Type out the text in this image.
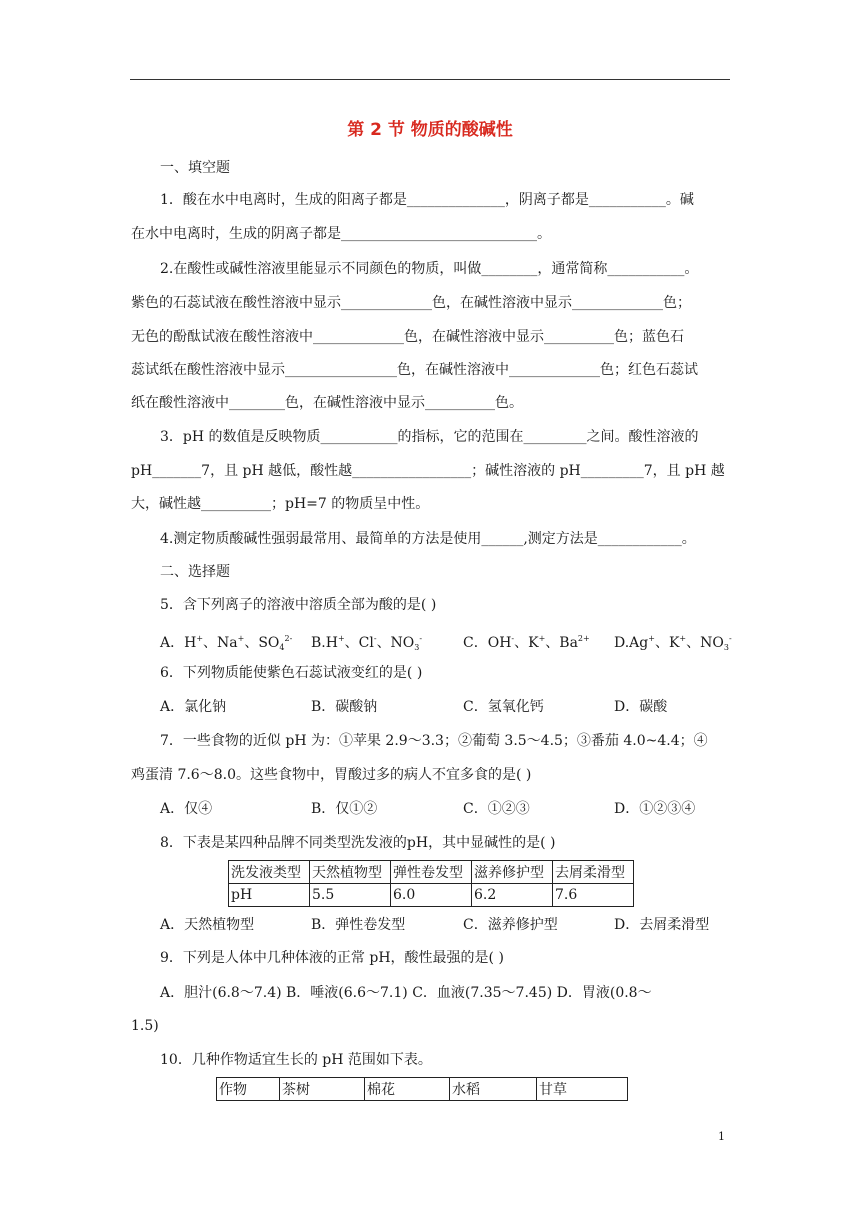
第 2 节 物质的酸碱性
一、填空题
1．酸在水中电离时，生成的阳离子都是______________，阴离子都是___________。碱
在水中电离时，生成的阴离子都是____________________________。
2.在酸性或碱性溶液里能显示不同颜色的物质，叫做________，通常简称___________。
紫色的石蕊试液在酸性溶液中显示_____________色，在碱性溶液中显示_____________色；
无色的酚酞试液在酸性溶液中_____________色，在碱性溶液中显示__________色；蓝色石
蕊试纸在酸性溶液中显示________________色，在碱性溶液中_____________色；红色石蕊试
纸在酸性溶液中________色，在碱性溶液中显示__________色。
3．pH 的数值是反映物质___________的指标，它的范围在_________之间。酸性溶液的
pH_______7，且 pH 越低，酸性越_________________；碱性溶液的 pH_________7，且 pH 越
大，碱性越__________；pH=7 的物质呈中性。
4.测定物质酸碱性强弱最常用、最简单的方法是使用______,测定方法是____________。
二、选择题
5．含下列离子的溶液中溶质全部为酸的是( )
A．H+、Na+、$SO_4^{2-}$ B.H+、Cl-、$NO_3^-$	C．OH-、K+、$Ba^{2+}$ D.Ag+、K+、$NO_3^-$
6．下列物质能使紫色石蕊试液变红的是( )
A．氯化钠	B．碳酸钠	C．氢氧化钙	D．碳酸
7．一些食物的近似 pH 为：①苹果 2.9～3.3；②葡萄 3.5～4.5；③番茄 4.0~4.4；④
鸡蛋清 7.6～8.0。这些食物中，胃酸过多的病人不宜多食的是( )
A．仅④	B．仅①②	C．①②③	D．①②③④
8．下表是某四种品牌不同类型洗发液的pH，其中显碱性的是( )
洗发液类型	天然植物型	弹性卷发型	滋养修护型	去屑柔滑型
pH	5.5	6.0	6.2	7.6
A．天然植物型	B．弹性卷发型	C．滋养修护型	D．去屑柔滑型
9．下列是人体中几种体液的正常 pH，酸性最强的是( )
A．胆汁(6.8～7.4) B．唾液(6.6～7.1) C．血液(7.35～7.45) D．胃液(0.8～
1.5)
10．几种作物适宜生长的 pH 范围如下表。
作物	茶树	棉花	水稻	甘草
1
